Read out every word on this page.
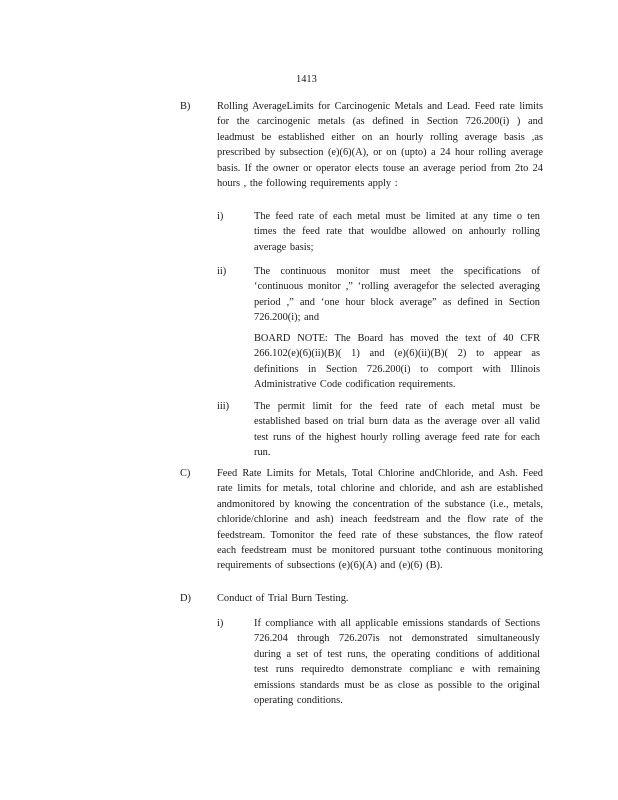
1413
B)	Rolling AverageLimits for Carcinogenic Metals and Lead. Feed rate limits for the carcinogenic metals (as defined in Section 726.200(i) ) and leadmust be established either on an hourly rolling average basis ,as prescribed by subsection (e)(6)(A), or on (upto) a 24 hour rolling average basis. If the owner or operator elects touse an average period from 2to 24 hours , the following requirements apply :
i)	The feed rate of each metal must be limited at any time o ten times the feed rate that wouldbe allowed on anhourly rolling average basis;
ii)	The continuous monitor must meet the specifications of ‘continuous monitor ,” ‘rolling averagefor the selected averaging period ,” and ‘one hour block average” as defined in Section 726.200(i); and
BOARD NOTE: The Board has moved the text of 40 CFR 266.102(e)(6)(ii)(B)( 1) and (e)(6)(ii)(B)( 2) to appear as definitions in Section 726.200(i) to comport with Illinois Administrative Code codification requirements.
iii) The permit limit for the feed rate of each metal must be established based on trial burn data as the average over all valid test runs of the highest hourly rolling average feed rate for each run.
C)	Feed Rate Limits for Metals, Total Chlorine andChloride, and Ash. Feed rate limits for metals, total chlorine and chloride, and ash are established andmonitored by knowing the concentration of the substance (i.e., metals, chloride/chlorine and ash) ineach feedstream and the flow rate of the feedstream. Tomonitor the feed rate of these substances, the flow rateof each feedstream must be monitored pursuant tothe continuous monitoring requirements of subsections (e)(6)(A) and (e)(6) (B).
D)	Conduct of Trial Burn Testing.
i)	If compliance with all applicable emissions standards of Sections 726.204 through 726.207is not demonstrated simultaneously during a set of test runs, the operating conditions of additional test runs requiredto demonstrate complianc e with remaining emissions standards must be as close as possible to the original operating conditions.
